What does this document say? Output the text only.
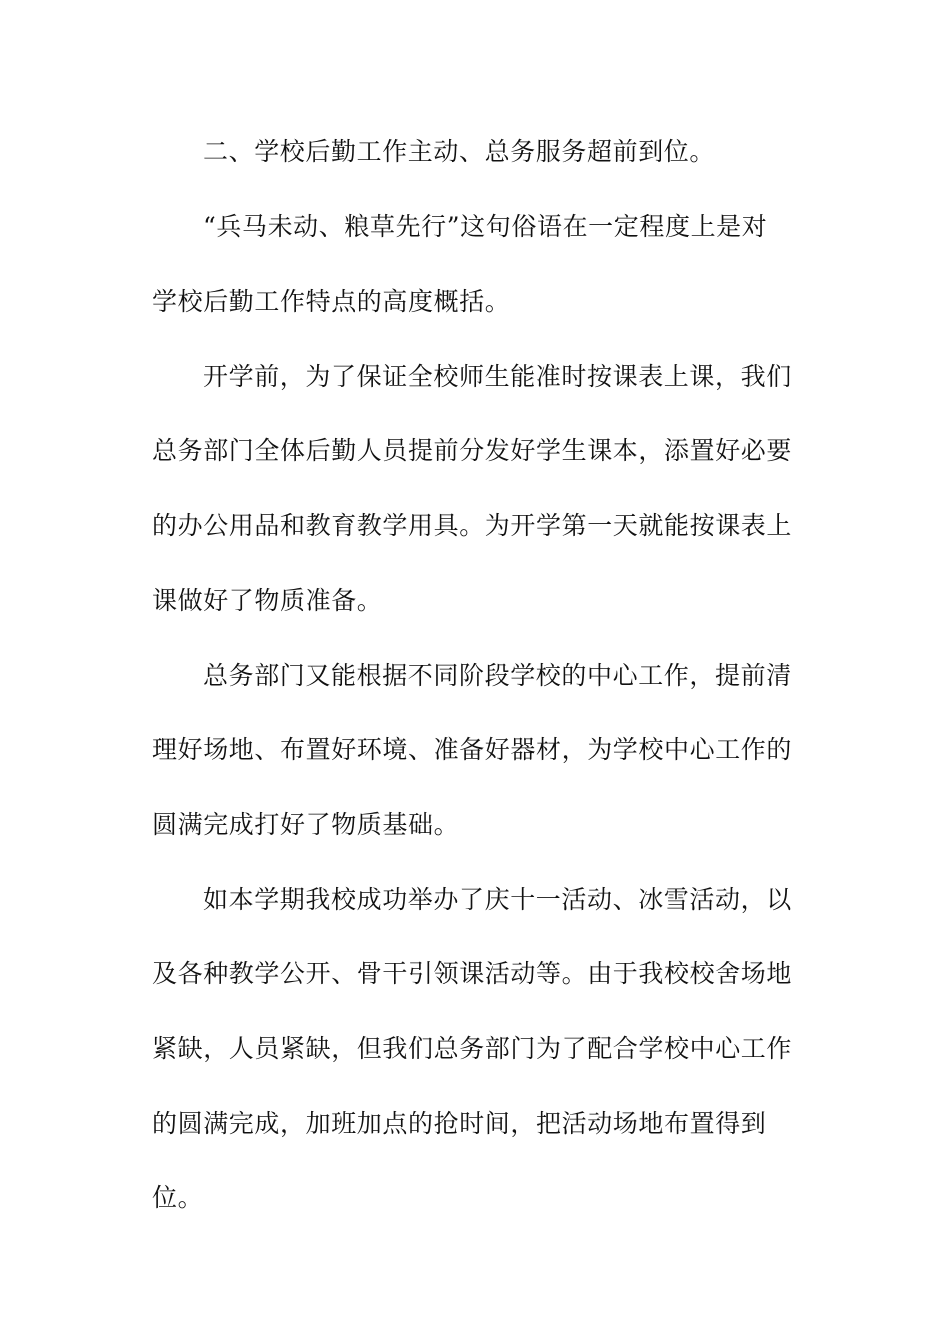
二、学校后勤工作主动、总务服务超前到位。
“兵马未动、粮草先行”这句俗语在一定程度上是对
学校后勤工作特点的高度概括。
开学前，为了保证全校师生能准时按课表上课，我们
总务部门全体后勤人员提前分发好学生课本，添置好必要
的办公用品和教育教学用具。为开学第一天就能按课表上
课做好了物质准备。
总务部门又能根据不同阶段学校的中心工作，提前清
理好场地、布置好环境、准备好器材，为学校中心工作的
圆满完成打好了物质基础。
如本学期我校成功举办了庆十一活动、冰雪活动，以
及各种教学公开、骨干引领课活动等。由于我校校舍场地
紧缺，人员紧缺，但我们总务部门为了配合学校中心工作
的圆满完成，加班加点的抢时间，把活动场地布置得到
位。
